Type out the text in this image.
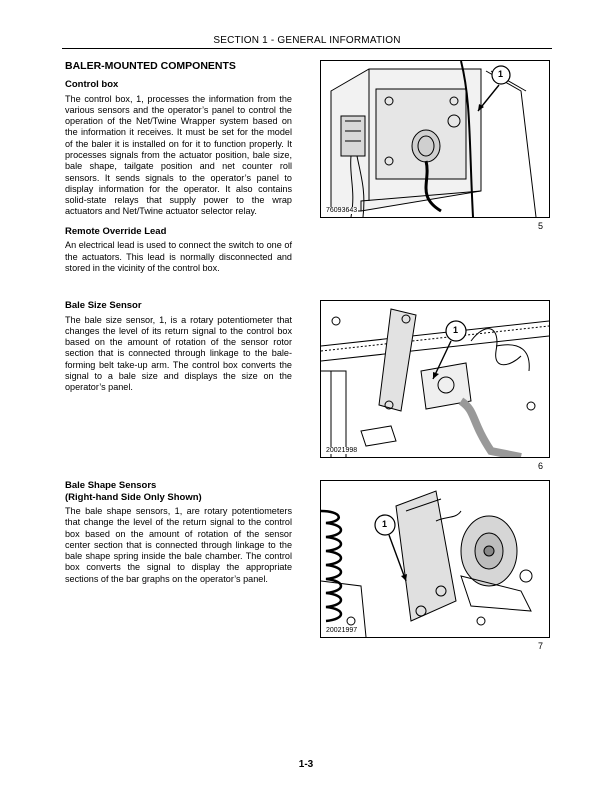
SECTION 1 - GENERAL INFORMATION

BALER-MOUNTED COMPONENTS

Control box

The control box, 1, processes the information from the various sensors and the operator’s panel to control the operation of the Net/Twine Wrapper system based on the information it receives. It must be set for the model of the baler it is installed on for it to function properly. It processes signals from the actuator position, bale size, bale shape, tailgate position and net counter roll sensors. It sends signals to the operator’s panel to display information for the operator. It also contains solid-state relays that supply power to the wrap actuators and Net/Twine actuator selector relay.

Remote Override Lead

An electrical lead is used to connect the switch to one of the actuators. This lead is normally disconnected and stored in the vicinity of the control box.

Bale Size Sensor

The bale size sensor, 1, is a rotary potentiometer that changes the level of its return signal to the control box based on the amount of rotation of the sensor rotor section that is connected through linkage to the bale-forming belt take-up arm. The control box converts the signal to a bale size and displays the size on the operator’s panel.

Bale Shape Sensors

(Right-hand Side Only Shown)

The bale shape sensors, 1, are rotary potentiometers that change the level of the return signal to the control box based on the amount of rotation of the sensor center section that is connected through linkage to the bale shape spring inside the bale chamber. The control box converts the signal to display the appropriate sections of the bar graphs on the operator’s panel.

1
76093643
5
1
20021998
6
1
20021997
7
1-3
